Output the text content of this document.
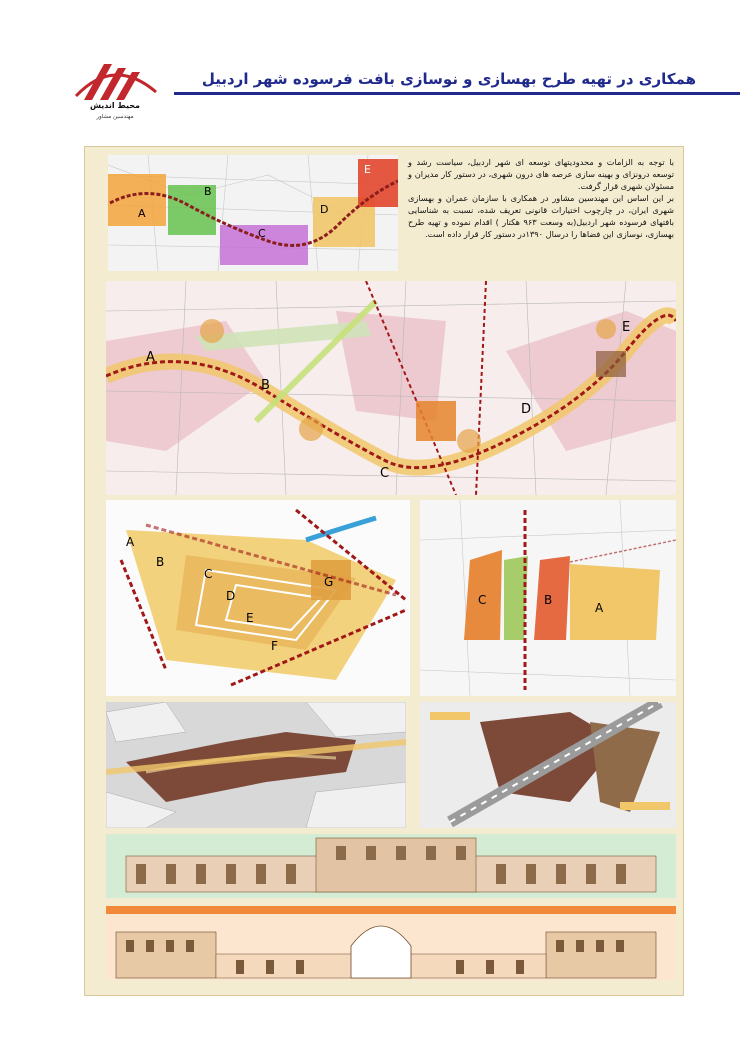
محیط اندیش
مهندسین مشاور
همکاری در تهیه طرح بهسازی و نوسازی بافت فرسوده شهر اردبیل
A
B
C
D
E

با توجه به الزامات و محدودیتهای توسعه ای شهر اردبیل، سیاست رشد و توسعه درونزای و بهینه سازی عرصه های درون شهری، در دستور کار مدیران و مسئولان شهری قرار گرفت.

بر این اساس این مهندسین مشاور در همکاری با سازمان عمران و بهسازی شهری ایران، در چارچوب اختیارات قانونی تعریف شده، نسبت به شناسایی بافتهای فرسوده شهر اردبیل(به وسعت ۹۶۳ هکتار ) اقدام نموده و تهیه طرح بهسازی، نوسازی این فضاها را درسال ۱۳۹۰در دستور کار قرار داده است.

A
B
C
D
E
A
B
C
D
E
F
G
A
B
C
